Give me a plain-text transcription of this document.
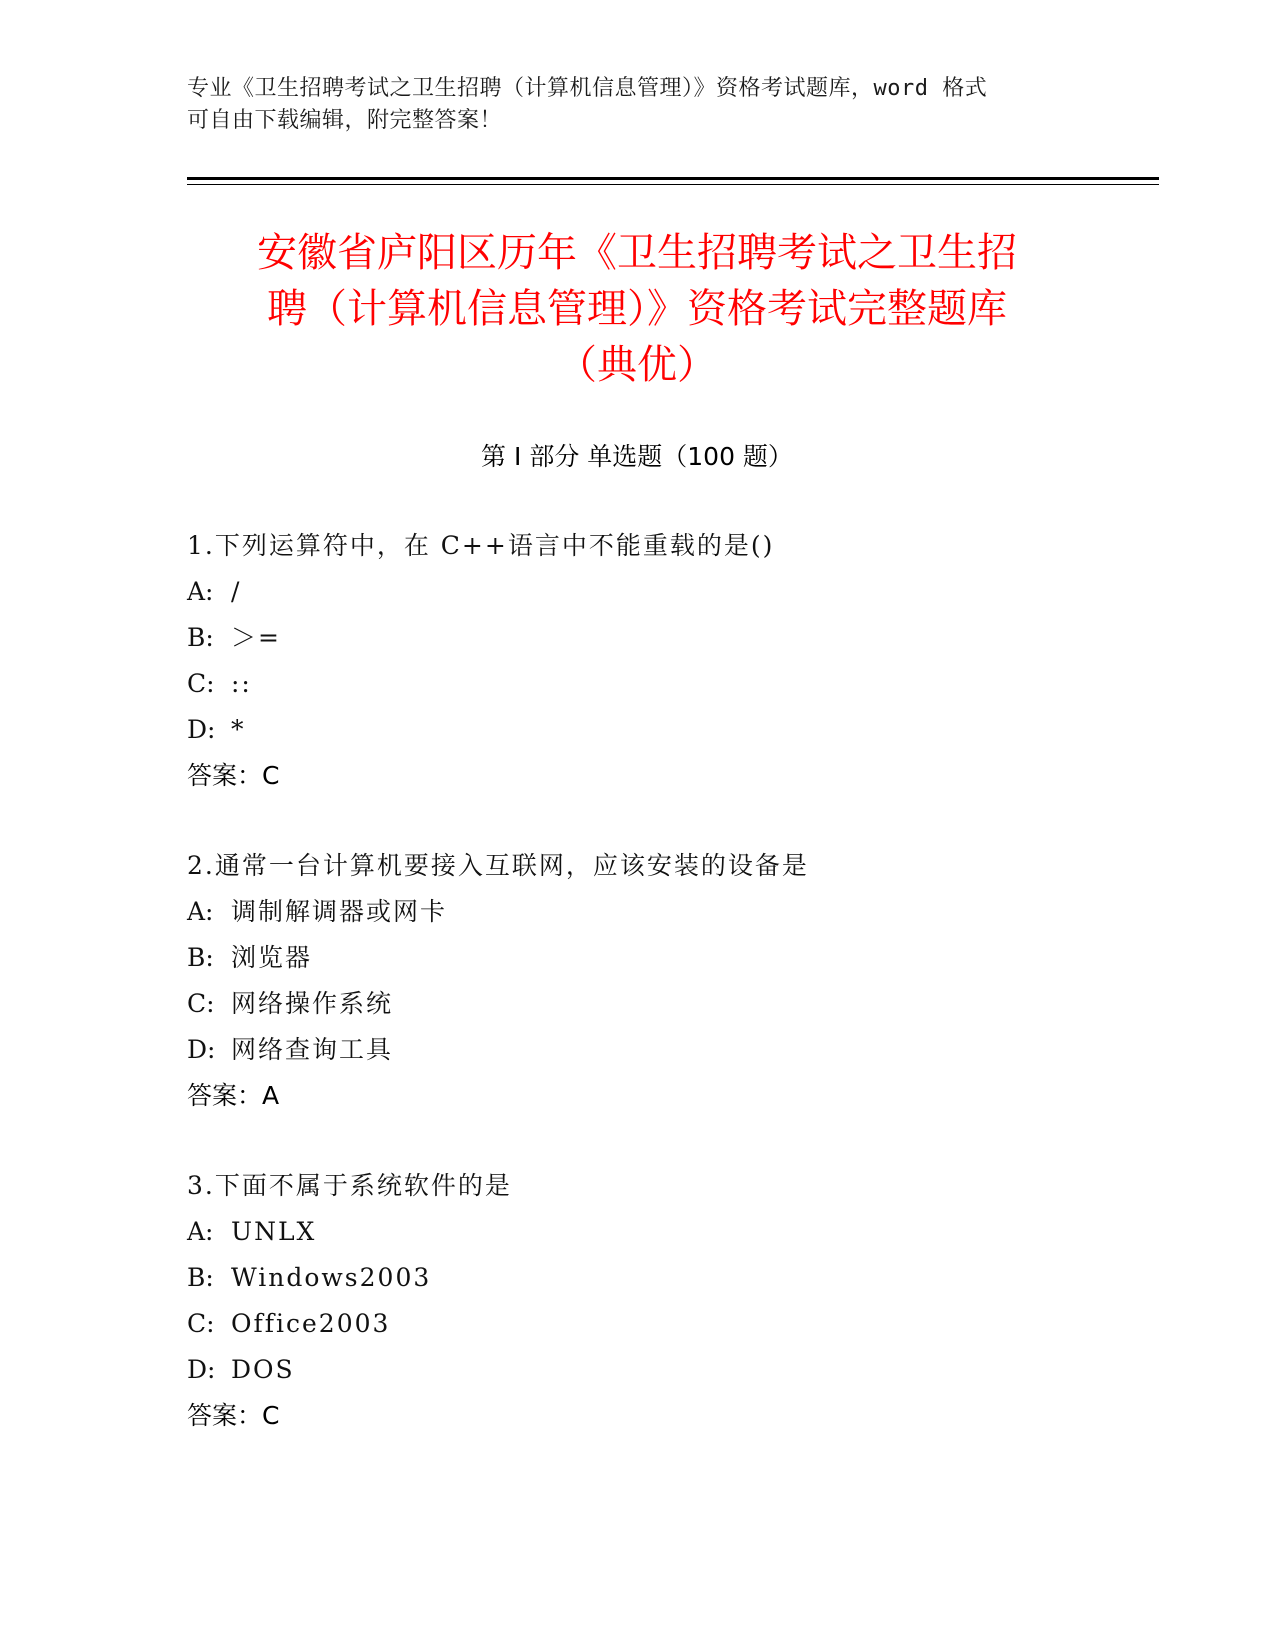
专业《卫生招聘考试之卫生招聘（计算机信息管理）》资格考试题库，word 格式
可自由下载编辑，附完整答案！
安徽省庐阳区历年《卫生招聘考试之卫生招
聘（计算机信息管理）》资格考试完整题库
（典优）
第 I 部分 单选题（100 题）
1.下列运算符中，在 C++语言中不能重载的是()
A: /
B: ＞=
C: ::
D: *
答案：C
2.通常一台计算机要接入互联网，应该安装的设备是
A: 调制解调器或网卡
B: 浏览器
C: 网络操作系统
D: 网络查询工具
答案：A
3.下面不属于系统软件的是
A: UNLX
B: Windows2003
C: Office2003
D: DOS
答案：C
